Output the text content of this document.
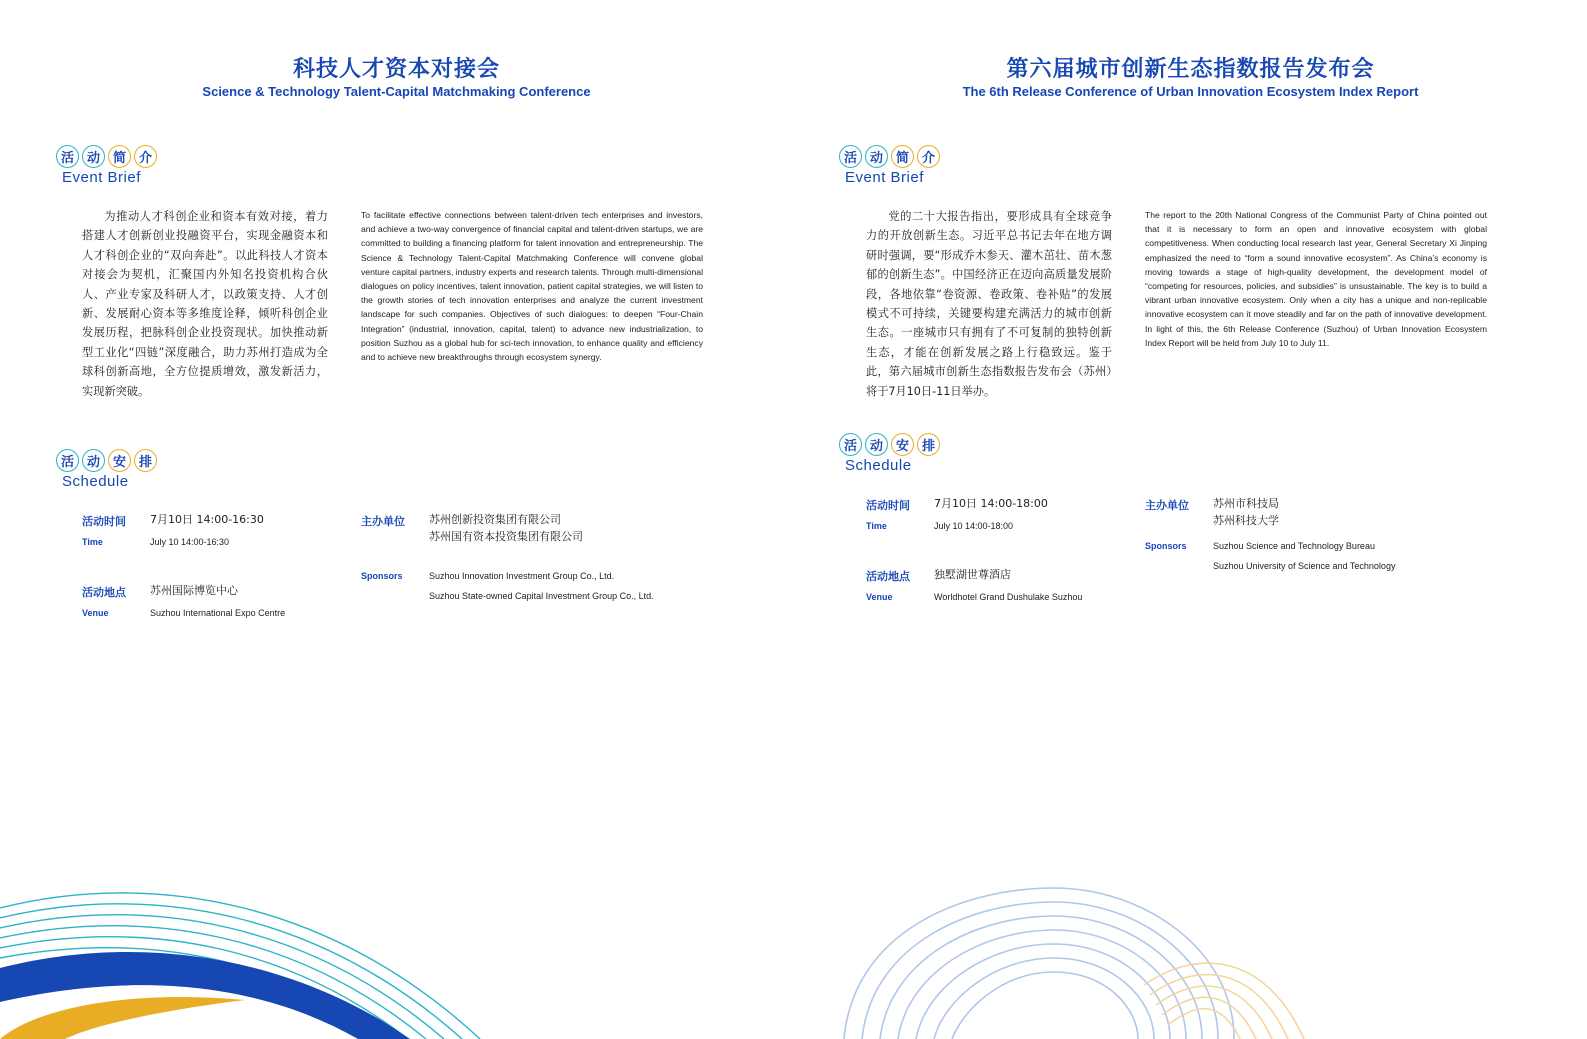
科技人才资本对接会
Science & Technology Talent-Capital Matchmaking Conference
活 动 简 介
Event Brief

为推动人才科创企业和资本有效对接，着力搭建人才创新创业投融资平台，实现金融资本和人才科创企业的“双向奔赴”。以此科技人才资本对接会为契机，汇聚国内外知名投资机构合伙人、产业专家及科研人才，以政策支持、人才创新、发展耐心资本等多维度诠释，倾听科创企业发展历程，把脉科创企业投资现状。加快推动新型工业化“四链”深度融合，助力苏州打造成为全球科创新高地，全方位提质增效，激发新活力，实现新突破。

To facilitate effective connections between talent-driven tech enterprises and investors, and achieve a two-way convergence of financial capital and talent-driven startups, we are committed to building a financing platform for talent innovation and entrepreneurship. The Science & Technology Talent-Capital Matchmaking Conference will convene global venture capital partners, industry experts and research talents. Through multi-dimensional dialogues on policy incentives, talent innovation, patient capital strategies, we will listen to the growth stories of tech innovation enterprises and analyze the current investment landscape for such companies. Objectives of such dialogues: to deepen “Four-Chain Integration” (industrial, innovation, capital, talent) to advance new industrialization, to position Suzhou as a global hub for sci-tech innovation, to enhance quality and efficiency and to achieve new breakthroughs through ecosystem synergy.

活 动 安 排
Schedule
活动时间 7月10日 14:00-16:30
Time	July 10 14:00-16:30
活动地点 苏州国际博览中心
Venue	Suzhou International Expo Centre
主办单位 苏州创新投资集团有限公司
苏州国有资本投资集团有限公司
Sponsors	Suzhou Innovation Investment Group Co., Ltd.
Suzhou State-owned Capital Investment Group Co., Ltd.
第六届城市创新生态指数报告发布会
The 6th Release Conference of Urban Innovation Ecosystem Index Report
活 动 简 介
Event Brief

党的二十大报告指出，要形成具有全球竞争力的开放创新生态。习近平总书记去年在地方调研时强调，要“形成乔木参天、灌木茁壮、苗木葱郁的创新生态”。中国经济正在迈向高质量发展阶段，各地依靠“卷资源、卷政策、卷补贴”的发展模式不可持续，关键要构建充满活力的城市创新生态。一座城市只有拥有了不可复制的独特创新生态，才能在创新发展之路上行稳致远。鉴于此，第六届城市创新生态指数报告发布会（苏州）将于7月10日-11日举办。

The report to the 20th National Congress of the Communist Party of China pointed out that it is necessary to form an open and innovative ecosystem with global competitiveness. When conducting local research last year, General Secretary Xi Jinping emphasized the need to “form a sound innovative ecosystem”. As China’s economy is moving towards a stage of high-quality development, the development model of “competing for resources, policies, and subsidies” is unsustainable. The key is to build a vibrant urban innovative ecosystem. Only when a city has a unique and non-replicable innovative ecosystem can it move steadily and far on the path of innovative development. In light of this, the 6th Release Conference (Suzhou) of Urban Innovation Ecosystem Index Report will be held from July 10 to July 11.

活 动 安 排
Schedule
活动时间 7月10日 14:00-18:00
Time	July 10 14:00-18:00
活动地点 独墅湖世尊酒店
Venue	Worldhotel Grand Dushulake Suzhou
主办单位 苏州市科技局
苏州科技大学
Sponsors	Suzhou Science and Technology Bureau
Suzhou University of Science and Technology
